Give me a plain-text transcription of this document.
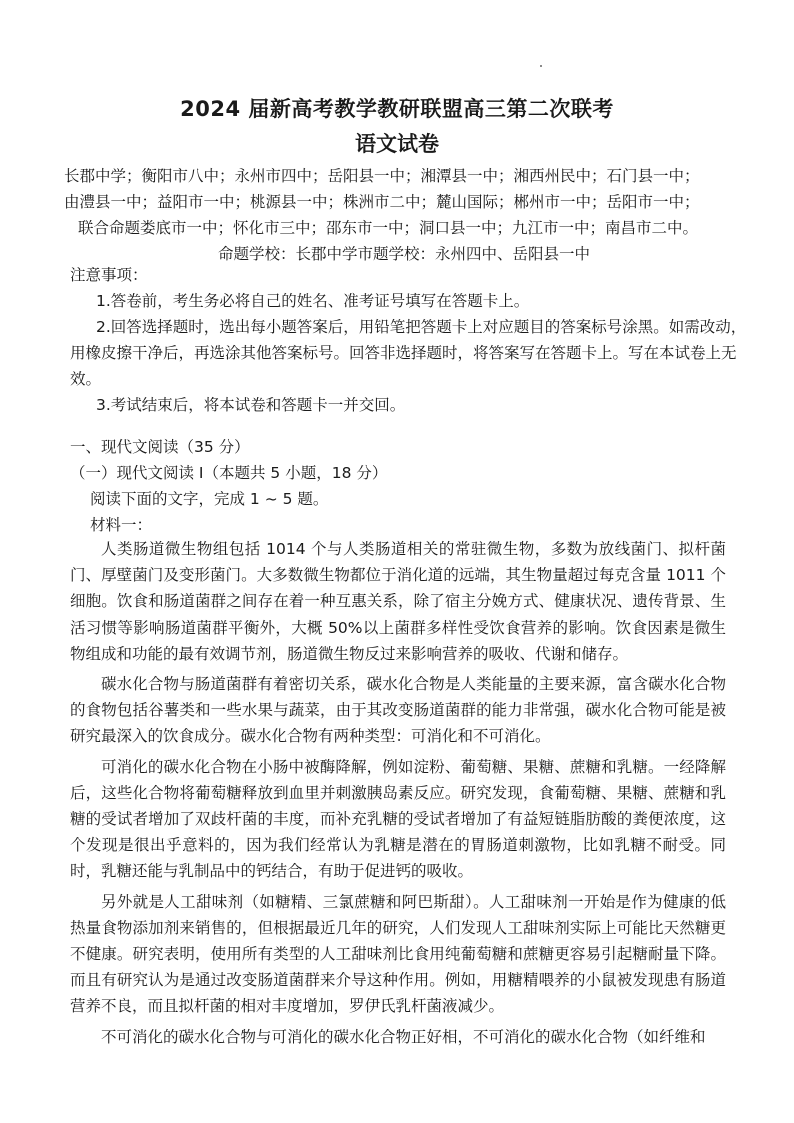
2024 届新高考教学教研联盟高三第二次联考
语文试卷
长郡中学；衡阳市八中；永州市四中；岳阳县一中；湘潭县一中；湘西州民中；石门县一中；
由澧县一中；益阳市一中；桃源县一中；株洲市二中；麓山国际；郴州市一中；岳阳市一中；
联合命题娄底市一中；怀化市三中；邵东市一中；洞口县一中；九江市一中；南昌市二中。
命题学校：长郡中学市题学校：永州四中、岳阳县一中

注意事项：

1.答卷前，考生务必将自己的姓名、准考证号填写在答题卡上。

2.回答选择题时，选出每小题答案后，用铅笔把答题卡上对应题目的答案标号涂黑。如需改动，用橡皮擦干净后，再选涂其他答案标号。回答非选择题时，将答案写在答题卡上。写在本试卷上无效。

3.考试结束后，将本试卷和答题卡一并交回。

一、现代文阅读（35 分）

（一）现代文阅读 I（本题共 5 小题，18 分）

阅读下面的文字，完成 1 ~ 5 题。

材料一：

人类肠道微生物组包括 1014 个与人类肠道相关的常驻微生物，多数为放线菌门、拟杆菌门、厚壁菌门及变形菌门。大多数微生物都位于消化道的远端，其生物量超过每克含量 1011 个细胞。饮食和肠道菌群之间存在着一种互惠关系，除了宿主分娩方式、健康状况、遗传背景、生活习惯等影响肠道菌群平衡外，大概 50%以上菌群多样性受饮食营养的影响。饮食因素是微生物组成和功能的最有效调节剂，肠道微生物反过来影响营养的吸收、代谢和储存。

碳水化合物与肠道菌群有着密切关系，碳水化合物是人类能量的主要来源，富含碳水化合物的食物包括谷薯类和一些水果与蔬菜，由于其改变肠道菌群的能力非常强，碳水化合物可能是被研究最深入的饮食成分。碳水化合物有两种类型：可消化和不可消化。

可消化的碳水化合物在小肠中被酶降解，例如淀粉、葡萄糖、果糖、蔗糖和乳糖。一经降解后，这些化合物将葡萄糖释放到血里并刺激胰岛素反应。研究发现，食葡萄糖、果糖、蔗糖和乳糖的受试者增加了双歧杆菌的丰度，而补充乳糖的受试者增加了有益短链脂肪酸的粪便浓度，这个发现是很出乎意料的，因为我们经常认为乳糖是潜在的胃肠道刺激物，比如乳糖不耐受。同时，乳糖还能与乳制品中的钙结合，有助于促进钙的吸收。

另外就是人工甜味剂（如糖精、三氯蔗糖和阿巴斯甜）。人工甜味剂一开始是作为健康的低热量食物添加剂来销售的，但根据最近几年的研究，人们发现人工甜味剂实际上可能比天然糖更不健康。研究表明，使用所有类型的人工甜味剂比食用纯葡萄糖和蔗糖更容易引起糖耐量下降。而且有研究认为是通过改变肠道菌群来介导这种作用。例如，用糖精喂养的小鼠被发现患有肠道营养不良，而且拟杆菌的相对丰度增加，罗伊氏乳杆菌液减少。

不可消化的碳水化合物与可消化的碳水化合物正好相，不可消化的碳水化合物（如纤维和
